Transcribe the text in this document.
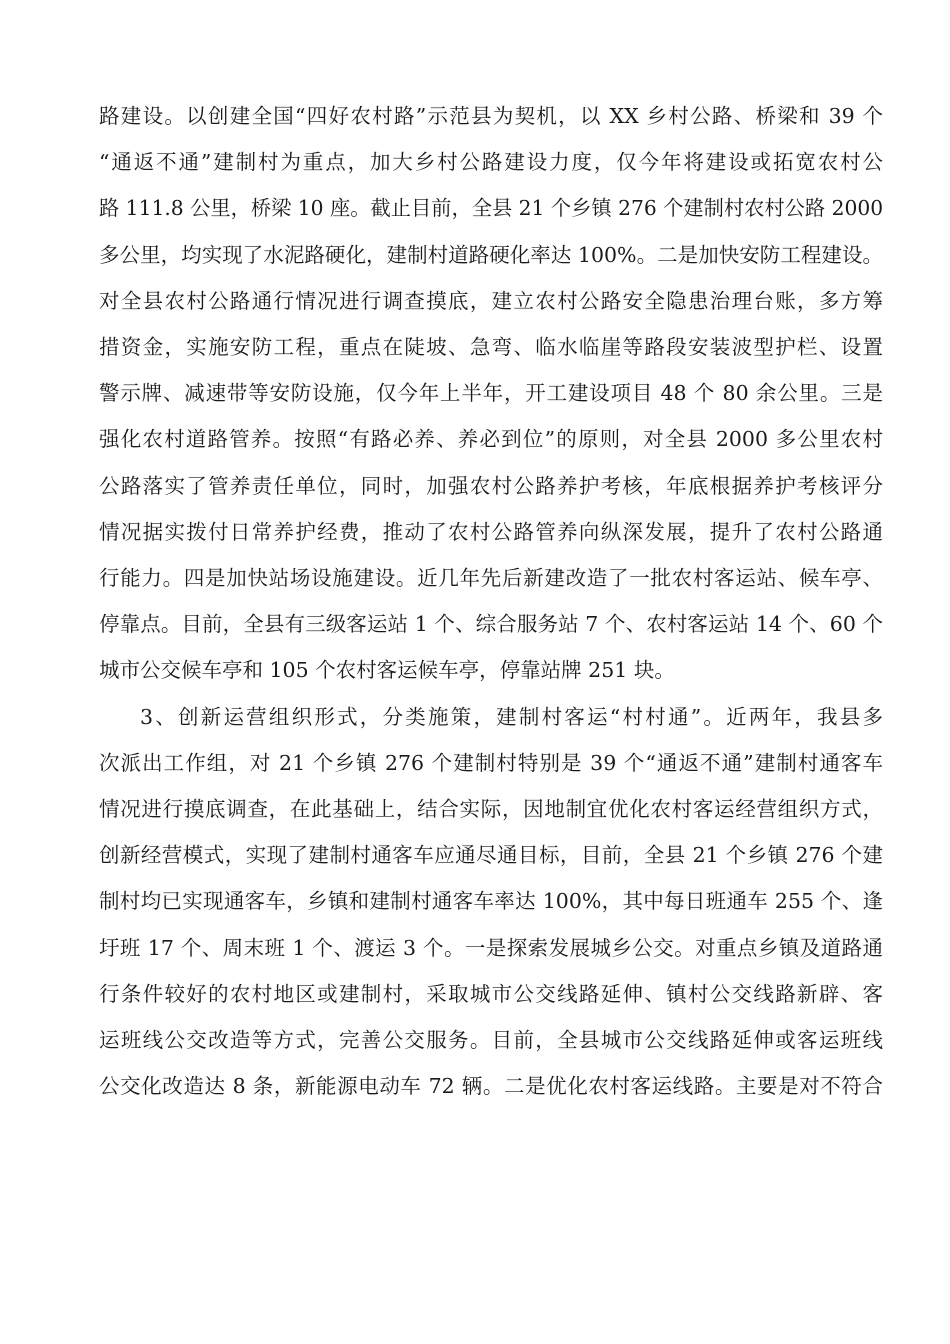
路建设。以创建全国“四好农村路”示范县为契机，以 XX 乡村公路、桥梁和 39 个
“通返不通”建制村为重点，加大乡村公路建设力度，仅今年将建设或拓宽农村公
路 111.8 公里，桥梁 10 座。截止目前，全县 21 个乡镇 276 个建制村农村公路 2000
多公里，均实现了水泥路硬化，建制村道路硬化率达 100%。二是加快安防工程建设。
对全县农村公路通行情况进行调查摸底，建立农村公路安全隐患治理台账，多方筹
措资金，实施安防工程，重点在陡坡、急弯、临水临崖等路段安装波型护栏、设置
警示牌、减速带等安防设施，仅今年上半年，开工建设项目 48 个 80 余公里。三是
强化农村道路管养。按照“有路必养、养必到位”的原则，对全县 2000 多公里农村
公路落实了管养责任单位，同时，加强农村公路养护考核，年底根据养护考核评分
情况据实拨付日常养护经费，推动了农村公路管养向纵深发展，提升了农村公路通
行能力。四是加快站场设施建设。近几年先后新建改造了一批农村客运站、候车亭、
停靠点。目前，全县有三级客运站 1 个、综合服务站 7 个、农村客运站 14 个、60 个
城市公交候车亭和 105 个农村客运候车亭，停靠站牌 251 块。

3、创新运营组织形式，分类施策，建制村客运“村村通”。近两年，我县多
次派出工作组，对 21 个乡镇 276 个建制村特别是 39 个“通返不通”建制村通客车
情况进行摸底调查，在此基础上，结合实际，因地制宜优化农村客运经营组织方式，
创新经营模式，实现了建制村通客车应通尽通目标，目前，全县 21 个乡镇 276 个建
制村均已实现通客车，乡镇和建制村通客车率达 100%，其中每日班通车 255 个、逢
圩班 17 个、周末班 1 个、渡运 3 个。一是探索发展城乡公交。对重点乡镇及道路通
行条件较好的农村地区或建制村，采取城市公交线路延伸、镇村公交线路新辟、客
运班线公交改造等方式，完善公交服务。目前，全县城市公交线路延伸或客运班线
公交化改造达 8 条，新能源电动车 72 辆。二是优化农村客运线路。主要是对不符合
